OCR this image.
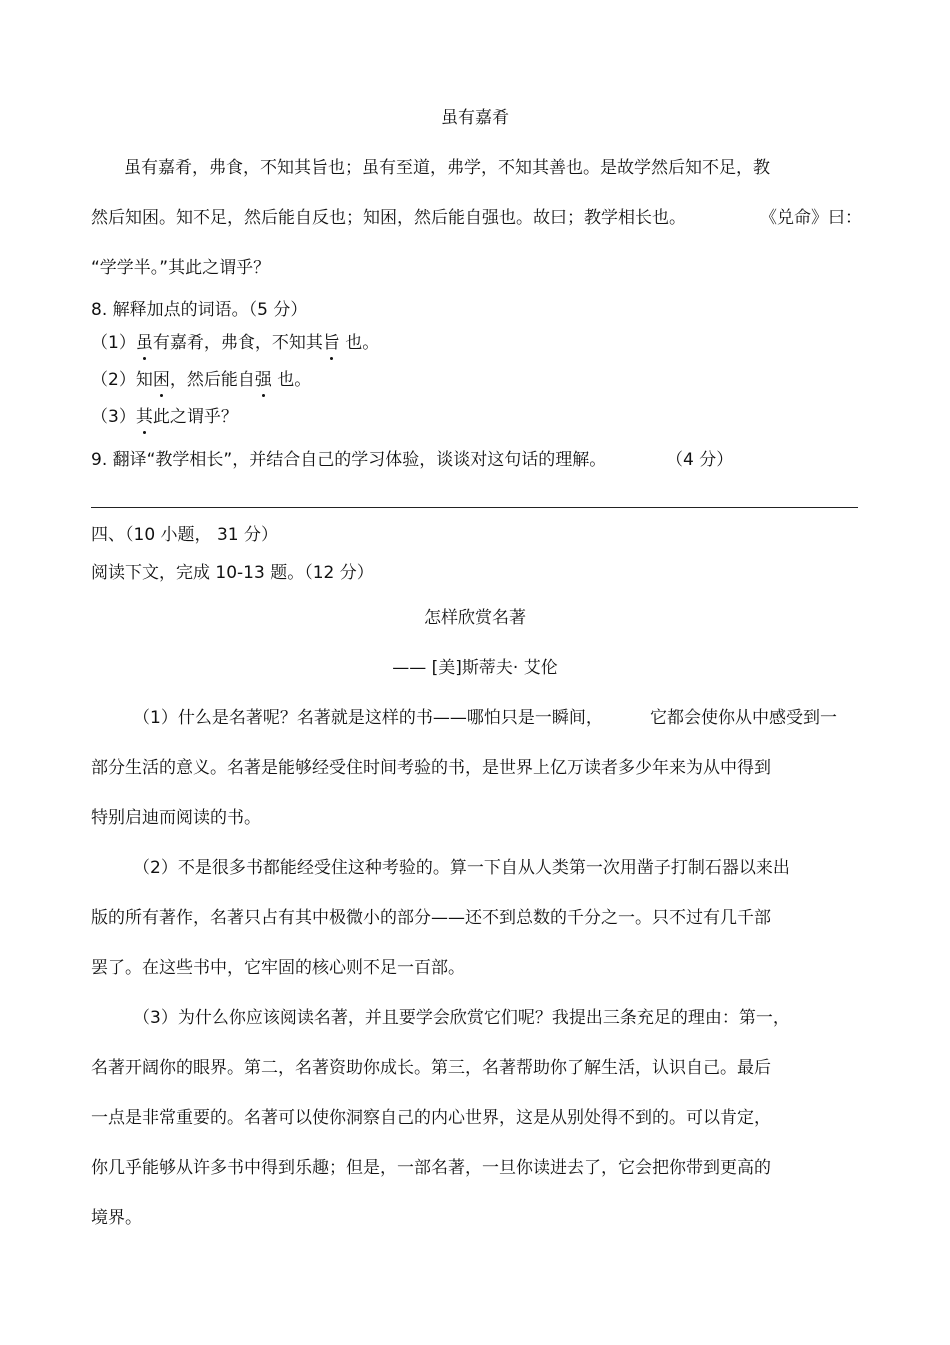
虽有嘉肴
虽有嘉肴，弗食，不知其旨也；虽有至道，弗学，不知其善也。是故学然后知不足，教
然后知困。知不足，然后能自反也；知困，然后能自强也。故曰；教学相长也。	《兑命》曰：
“学学半。”其此之谓乎？
8. 解释加点的词语。（5 分）
（1）虽有嘉肴，弗食，不知其旨 也。
（2）知困，然后能自强 也。
（3）其此之谓乎？
9. 翻译“教学相长”，并结合自己的学习体验，谈谈对这句话的理解。	（4 分）
四、（10 小题， 31 分）
阅读下文，完成 10-13 题。（12 分）
怎样欣赏名著
—— [美]斯蒂夫· 艾伦
（1）什么是名著呢？名著就是这样的书——哪怕只是一瞬间，	它都会使你从中感受到一
部分生活的意义。名著是能够经受住时间考验的书，是世界上亿万读者多少年来为从中得到
特别启迪而阅读的书。
（2）不是很多书都能经受住这种考验的。算一下自从人类第一次用凿子打制石器以来出
版的所有著作，名著只占有其中极微小的部分——还不到总数的千分之一。只不过有几千部
罢了。在这些书中，它牢固的核心则不足一百部。
（3）为什么你应该阅读名著，并且要学会欣赏它们呢？我提出三条充足的理由：第一，
名著开阔你的眼界。第二，名著资助你成长。第三，名著帮助你了解生活，认识自己。最后
一点是非常重要的。名著可以使你洞察自己的内心世界，这是从别处得不到的。可以肯定，
你几乎能够从许多书中得到乐趣；但是，一部名著，一旦你读进去了，它会把你带到更高的
境界。
